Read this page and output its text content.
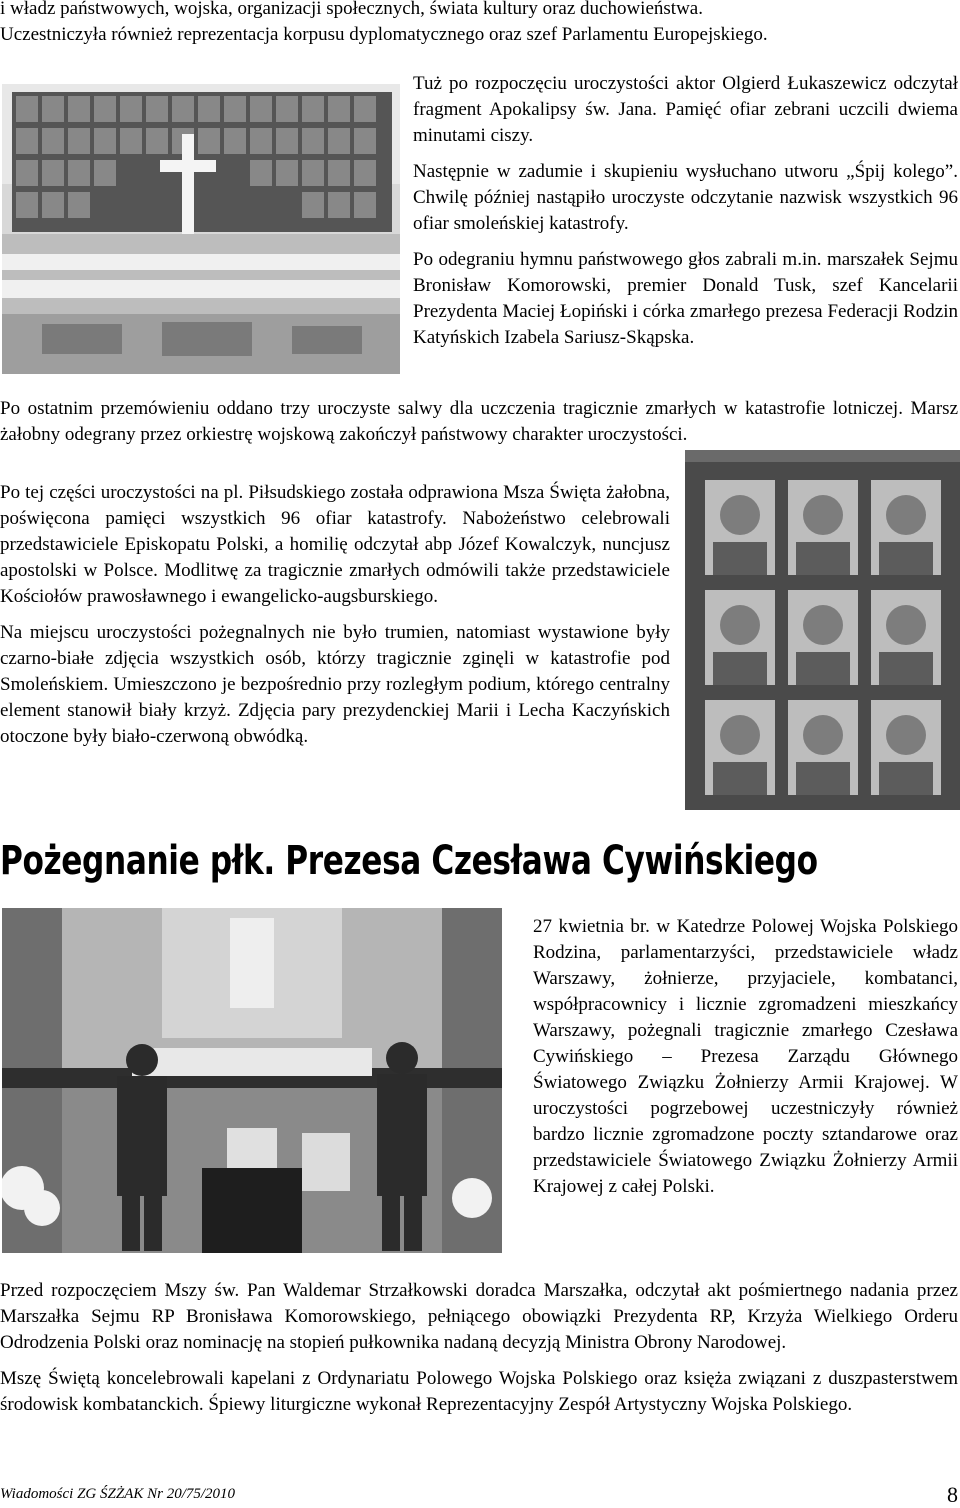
i władz państwowych, wojska, organizacji społecznych, świata kultury oraz duchowieństwa.

Uczestniczyła również reprezentacja korpusu dyplomatycznego oraz szef Parlamentu Europejskiego.

Tuż po rozpoczęciu uroczystości aktor Olgierd Łukaszewicz odczytał fragment Apokalipsy św. Jana. Pamięć ofiar zebrani uczcili dwiema minutami ciszy.

Następnie w zadumie i skupieniu wysłuchano utworu „Śpij kolego”. Chwilę później nastąpiło uroczyste odczytanie nazwisk wszystkich 96 ofiar smoleńskiej katastrofy.

Po odegraniu hymnu państwowego głos zabrali m.in. marszałek Sejmu Bronisław Komorowski, premier Donald Tusk, szef Kancelarii Prezydenta Maciej Łopiński i córka zmarłego prezesa Federacji Rodzin Katyńskich Izabela Sariusz-Skąpska.

Po ostatnim przemówieniu oddano trzy uroczyste salwy dla uczczenia tragicznie zmarłych w katastrofie lotniczej. Marsz żałobny odegrany przez orkiestrę wojskową zakończył państwowy charakter uroczystości.

Po tej części uroczystości na pl. Piłsudskiego została odprawiona Msza Święta żałobna, poświęcona pamięci wszystkich 96 ofiar katastrofy. Nabożeństwo celebrowali przedstawiciele Episkopatu Polski, a homilię odczytał abp Józef Kowalczyk, nuncjusz apostolski w Polsce. Modlitwę za tragicznie zmarłych odmówili także przedstawiciele Kościołów prawosławnego i ewangelicko-augsburskiego.

Na miejscu uroczystości pożegnalnych nie było trumien, natomiast wystawione były czarno-białe zdjęcia wszystkich osób, którzy tragicznie zginęli w katastrofie pod Smoleńskiem. Umieszczono je bezpośrednio przy rozległym podium, którego centralny element stanowił biały krzyż. Zdjęcia pary prezydenckiej Marii i Lecha Kaczyńskich otoczone były biało-czerwoną obwódką.

Pożegnanie płk. Prezesa Czesława Cywińskiego
27 kwietnia br. w Katedrze Polowej Wojska Polskiego Rodzina, parlamentarzyści, przedstawiciele władz Warszawy, żołnierze, przyjaciele, kombatanci, współpracownicy i licznie zgromadzeni mieszkańcy Warszawy, pożegnali tragicznie zmarłego Czesława Cywińskiego – Prezesa Zarządu Głównego Światowego Związku Żołnierzy Armii Krajowej. W uroczystości pogrzebowej uczestniczyły również bardzo licznie zgromadzone poczty sztandarowe oraz przedstawiciele Światowego Związku Żołnierzy Armii Krajowej z całej Polski.

Przed rozpoczęciem Mszy św. Pan Waldemar Strzałkowski doradca Marszałka, odczytał akt pośmiertnego nadania przez Marszałka Sejmu RP Bronisława Komorowskiego, pełniącego obowiązki Prezydenta RP, Krzyża Wielkiego Orderu Odrodzenia Polski oraz nominację na stopień pułkownika nadaną decyzją Ministra Obrony Narodowej.

Mszę Świętą koncelebrowali kapelani z Ordynariatu Polowego Wojska Polskiego oraz księża związani z duszpasterstwem środowisk kombatanckich. Śpiewy liturgiczne wykonał Reprezentacyjny Zespół Artystyczny Wojska Polskiego.

Wiadomości ZG ŚZŻAK Nr 20/75/2010	8
